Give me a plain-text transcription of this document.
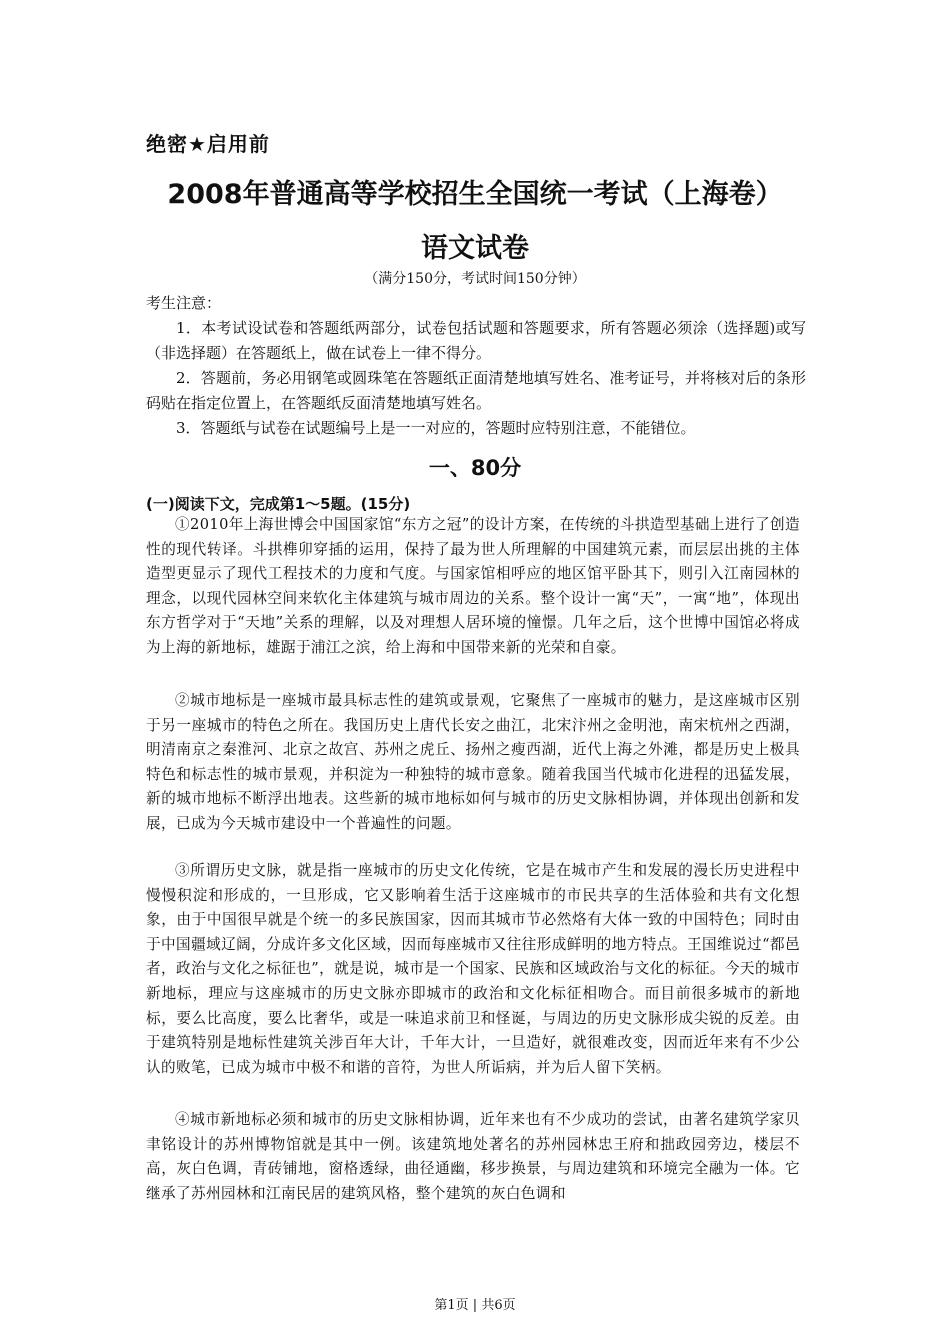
绝密★启用前
2008年普通高等学校招生全国统一考试（上海卷）
语文试卷
（满分150分，考试时间150分钟）
考生注意：
1．本考试设试卷和答题纸两部分，试卷包括试题和答题要求，所有答题必须涂（选择题)或写（非选择题）在答题纸上，做在试卷上一律不得分。
2．答题前，务必用钢笔或圆珠笔在答题纸正面清楚地填写姓名、准考证号，并将核对后的条形码贴在指定位置上，在答题纸反面清楚地填写姓名。
3．答题纸与试卷在试题编号上是一一对应的，答题时应特别注意，不能错位。
一、80分
(一)阅读下文，完成第1～5题。(15分)
①2010年上海世博会中国国家馆“东方之冠”的设计方案，在传统的斗拱造型基础上进行了创造性的现代转译。斗拱榫卯穿插的运用，保持了最为世人所理解的中国建筑元素，而层层出挑的主体造型更显示了现代工程技术的力度和气度。与国家馆相呼应的地区馆平卧其下，则引入江南园林的理念，以现代园林空间来软化主体建筑与城市周边的关系。整个设计一寓“天”，一寓“地”，体现出东方哲学对于“天地”关系的理解，以及对理想人居环境的憧憬。几年之后，这个世博中国馆必将成为上海的新地标，雄踞于浦江之滨，给上海和中国带来新的光荣和自豪。
②城市地标是一座城市最具标志性的建筑或景观，它聚焦了一座城市的魅力，是这座城市区别于另一座城市的特色之所在。我国历史上唐代长安之曲江，北宋汴州之金明池，南宋杭州之西湖，明清南京之秦淮河、北京之故宫、苏州之虎丘、扬州之瘦西湖，近代上海之外滩，都是历史上极具特色和标志性的城市景观，并积淀为一种独特的城市意象。随着我国当代城市化进程的迅猛发展，新的城市地标不断浮出地表。这些新的城市地标如何与城市的历史文脉相协调，并体现出创新和发展，已成为今天城市建设中一个普遍性的问题。
③所谓历史文脉，就是指一座城市的历史文化传统，它是在城市产生和发展的漫长历史进程中慢慢积淀和形成的，一旦形成，它又影响着生活于这座城市的市民共享的生活体验和共有文化想象，由于中国很早就是个统一的多民族国家，因而其城市节必然烙有大体一致的中国特色；同时由于中国疆域辽阔，分成许多文化区域，因而每座城市又往往形成鲜明的地方特点。王国维说过“都邑者，政治与文化之标征也”，就是说，城市是一个国家、民族和区域政治与文化的标征。今天的城市新地标，理应与这座城市的历史文脉亦即城市的政治和文化标征相吻合。而目前很多城市的新地标，要么比高度，要么比奢华，或是一味追求前卫和怪诞，与周边的历史文脉形成尖锐的反差。由于建筑特别是地标性建筑关涉百年大计，千年大计，一旦造好，就很难改变，因而近年来有不少公认的败笔，已成为城市中极不和谐的音符，为世人所诟病，并为后人留下笑柄。
④城市新地标必须和城市的历史文脉相协调，近年来也有不少成功的尝试，由著名建筑学家贝聿铭设计的苏州博物馆就是其中一例。该建筑地处著名的苏州园林忠王府和拙政园旁边，楼层不高，灰白色调，青砖铺地，窗格透绿，曲径通幽，移步换景，与周边建筑和环境完全融为一体。它继承了苏州园林和江南民居的建筑风格，整个建筑的灰白色调和
第1页 | 共6页
